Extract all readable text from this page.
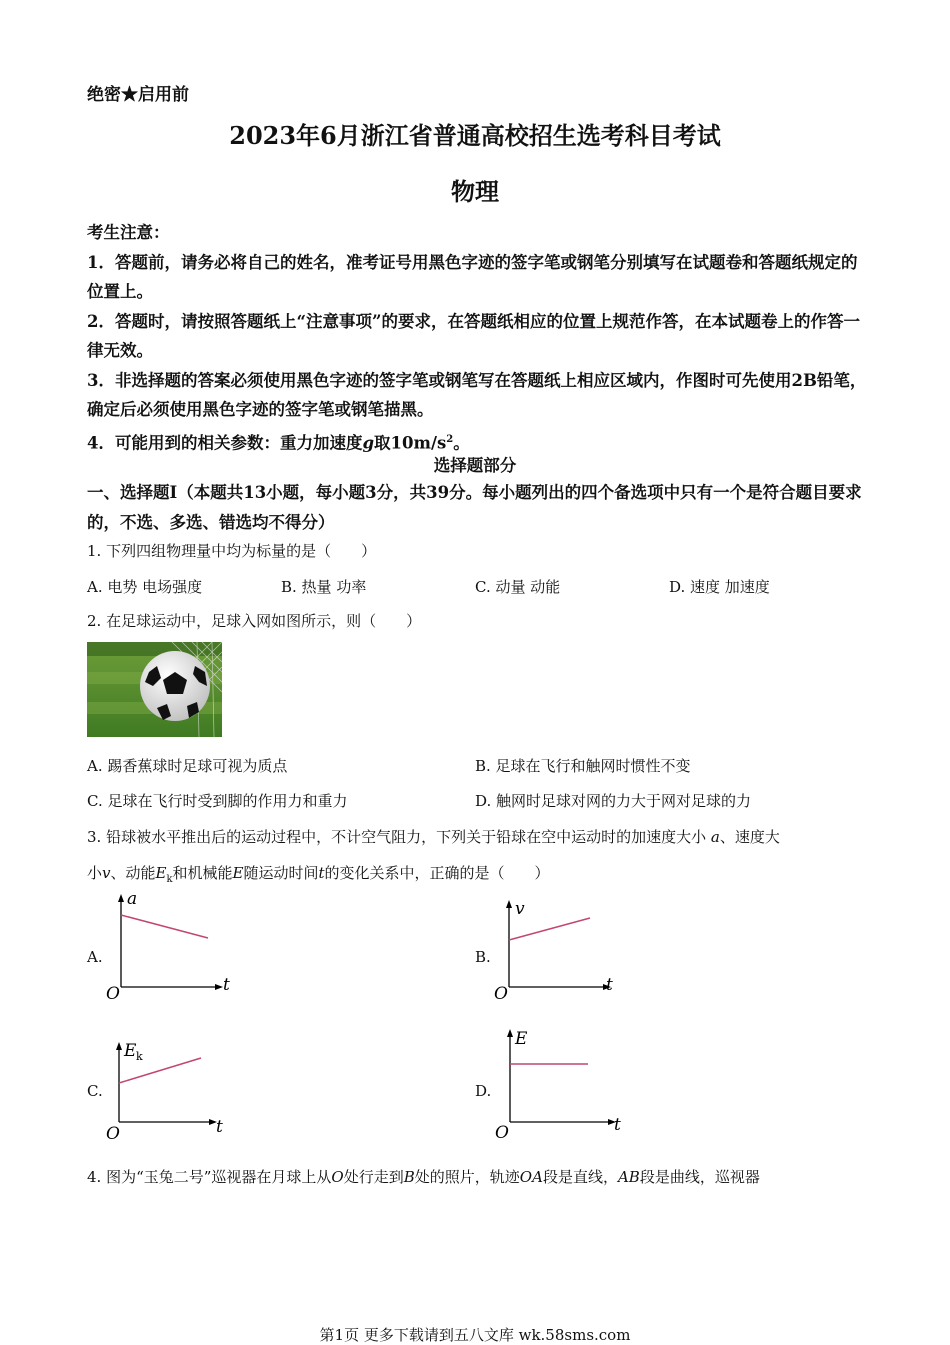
绝密★启用前
2023年6月浙江省普通高校招生选考科目考试
物理

考生注意：

1．答题前，请务必将自己的姓名，准考证号用黑色字迹的签字笔或钢笔分别填写在试题卷和答题纸规定的位置上。

2．答题时，请按照答题纸上“注意事项”的要求，在答题纸相应的位置上规范作答，在本试题卷上的作答一律无效。

3．非选择题的答案必须使用黑色字迹的签字笔或钢笔写在答题纸上相应区域内，作图时可先使用2B铅笔，确定后必须使用黑色字迹的签字笔或钢笔描黑。

4．可能用到的相关参数：重力加速度g取$10m/s^2$。

选择题部分
一、选择题Ⅰ（本题共13小题，每小题3分，共39分。每小题列出的四个备选项中只有一个是符合题目要求的，不选、多选、错选均不得分）
1. 下列四组物理量中均为标量的是（　　）
A. 电势 电场强度	B. 热量 功率	C. 动量 动能	D. 速度 加速度
2. 在足球运动中，足球入网如图所示，则（　　）
A. 踢香蕉球时足球可视为质点	B. 足球在飞行和触网时惯性不变
C. 足球在飞行时受到脚的作用力和重力	D. 触网时足球对网的力大于网对足球的力
3. 铅球被水平推出后的运动过程中，不计空气阻力，下列关于铅球在空中运动时的加速度大小 a、速度大
小v、动能$E_k$和机械能E随运动时间t的变化关系中，正确的是（　　）
A.	B.
C.	D.
a
t
O
v
t
O
E k
t
O
E
t
O
4. 图为“玉兔二号”巡视器在月球上从O处行走到B处的照片，轨迹OA段是直线，AB段是曲线，巡视器
第1页 更多下载请到五八文库 wk.58sms.com
